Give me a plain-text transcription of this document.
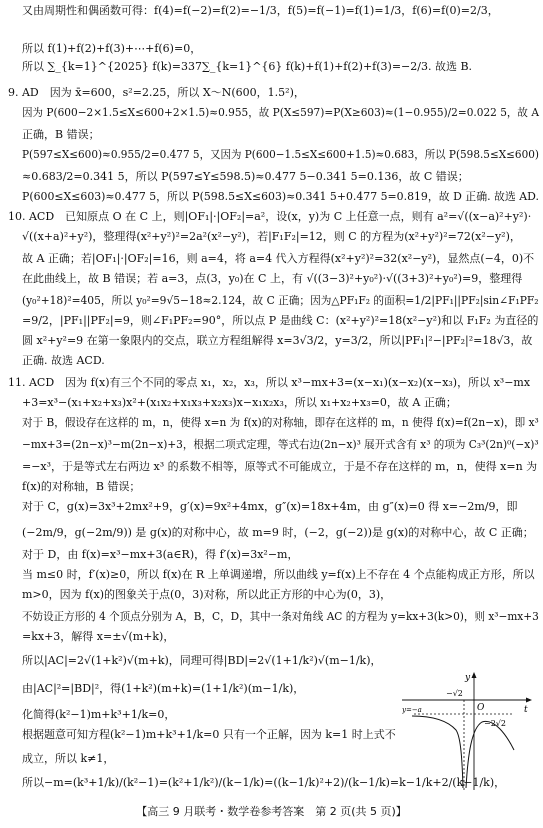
又由周期性和偶函数可得：f(4)=f(−2)=f(2)=−1/3，f(5)=f(−1)=f(1)=1/3，f(6)=f(0)=2/3，
所以 f(1)+f(2)+f(3)+⋯+f(6)=0，
所以 ∑_{k=1}^{2025} f(k)=337∑_{k=1}^{6} f(k)+f(1)+f(2)+f(3)=−2/3. 故选 B.
9. AD　因为 x̄=600，s²=2.25，所以 X～N(600，1.5²)，
因为 P(600−2×1.5≤X≤600+2×1.5)≈0.955，故 P(X≤597)=P(X≥603)≈(1−0.955)/2=0.022 5，故 A
正确，B 错误；
P(597≤X≤600)≈0.955/2=0.477 5，又因为 P(600−1.5≤X≤600+1.5)≈0.683，所以 P(598.5≤X≤600)
≈0.683/2=0.341 5，所以 P(597≤Y≤598.5)≈0.477 5−0.341 5=0.136，故 C 错误；
P(600≤X≤603)≈0.477 5，所以 P(598.5≤X≤603)≈0.341 5+0.477 5=0.819，故 D 正确. 故选 AD.
10. ACD　已知原点 O 在 C 上，则|OF₁|·|OF₂|=a²，设(x，y)为 C 上任意一点，则有 a²=√((x−a)²+y²)·
√((x+a)²+y²)，整理得(x²+y²)²=2a²(x²−y²)，若|F₁F₂|=12，则 C 的方程为(x²+y²)²=72(x²−y²)，
故 A 正确；若|OF₁|·|OF₂|=16，则 a=4，将 a=4 代入方程得(x²+y²)²=32(x²−y²)，显然点(−4，0)不
在此曲线上，故 B 错误；若 a=3，点(3，y₀)在 C 上，有 √((3−3)²+y₀²)·√((3+3)²+y₀²)=9，整理得
(y₀²+18)²=405，所以 y₀²=9√5−18≈2.124，故 C 正确；因为△PF₁F₂ 的面积=1/2|PF₁||PF₂|sin∠F₁PF₂
=9/2，|PF₁||PF₂|=9，则∠F₁PF₂=90°，所以点 P 是曲线 C：(x²+y²)²=18(x²−y²)和以 F₁F₂ 为直径的
圆 x²+y²=9 在第一象限内的交点，联立方程组解得 x=3√3/2，y=3/2，所以|PF₁|²−|PF₂|²=18√3，故
正确. 故选 ACD.
11. ACD　因为 f(x)有三个不同的零点 x₁，x₂，x₃，所以 x³−mx+3=(x−x₁)(x−x₂)(x−x₃)，所以 x³−mx
+3=x³−(x₁+x₂+x₃)x²+(x₁x₂+x₁x₃+x₂x₃)x−x₁x₂x₃，所以 x₁+x₂+x₃=0，故 A 正确；
对于 B，假设存在这样的 m，n，使得 x=n 为 f(x)的对称轴，即存在这样的 m，n 使得 f(x)=f(2n−x)，即 x³
−mx+3=(2n−x)³−m(2n−x)+3，根据二项式定理，等式右边(2n−x)³ 展开式含有 x³ 的项为 C₃³(2n)⁰(−x)³
=−x³，于是等式左右两边 x³ 的系数不相等，原等式不可能成立，于是不存在这样的 m，n，使得 x=n 为
f(x)的对称轴，B 错误；
对于 C，g(x)=3x³+2mx²+9，g′(x)=9x²+4mx，g″(x)=18x+4m，由 g″(x)=0 得 x=−2m/9，即
(−2m/9，g(−2m/9)) 是 g(x)的对称中心，故 m=9 时，(−2，g(−2))是 g(x)的对称中心，故 C 正确；
对于 D，由 f(x)=x³−mx+3(a∈R)，得 f′(x)=3x²−m，
当 m≤0 时，f′(x)≥0，所以 f(x)在 R 上单调递增，所以曲线 y=f(x)上不存在 4 个点能构成正方形，所以
m>0，因为 f(x)的图象关于点(0，3)对称，所以此正方形的中心为(0，3)，
不妨设正方形的 4 个顶点分别为 A，B，C，D，其中一条对角线 AC 的方程为 y=kx+3(k>0)，则 x³−mx+3
=kx+3，解得 x=±√(m+k)，
所以|AC|=2√(1+k²)√(m+k)，同理可得|BD|=2√(1+1/k²)√(m−1/k)，
由|AC|²=|BD|²，得(1+k²)(m+k)=(1+1/k²)(m−1/k)，
化简得(k²−1)m+k³+1/k=0，
根据题意可知方程(k²−1)m+k³+1/k=0 只有一个正解，因为 k=1 时上式不
成立，所以 k≠1，
所以−m=(k³+1/k)/(k²−1)=(k²+1/k²)/(k−1/k)=((k−1/k)²+2)/(k−1/k)=k−1/k+2/(k−1/k)，
y
t
O
−√2
−2√2
y=−a
【高三 9 月联考・数学卷参考答案　第 2 页(共 5 页)】
